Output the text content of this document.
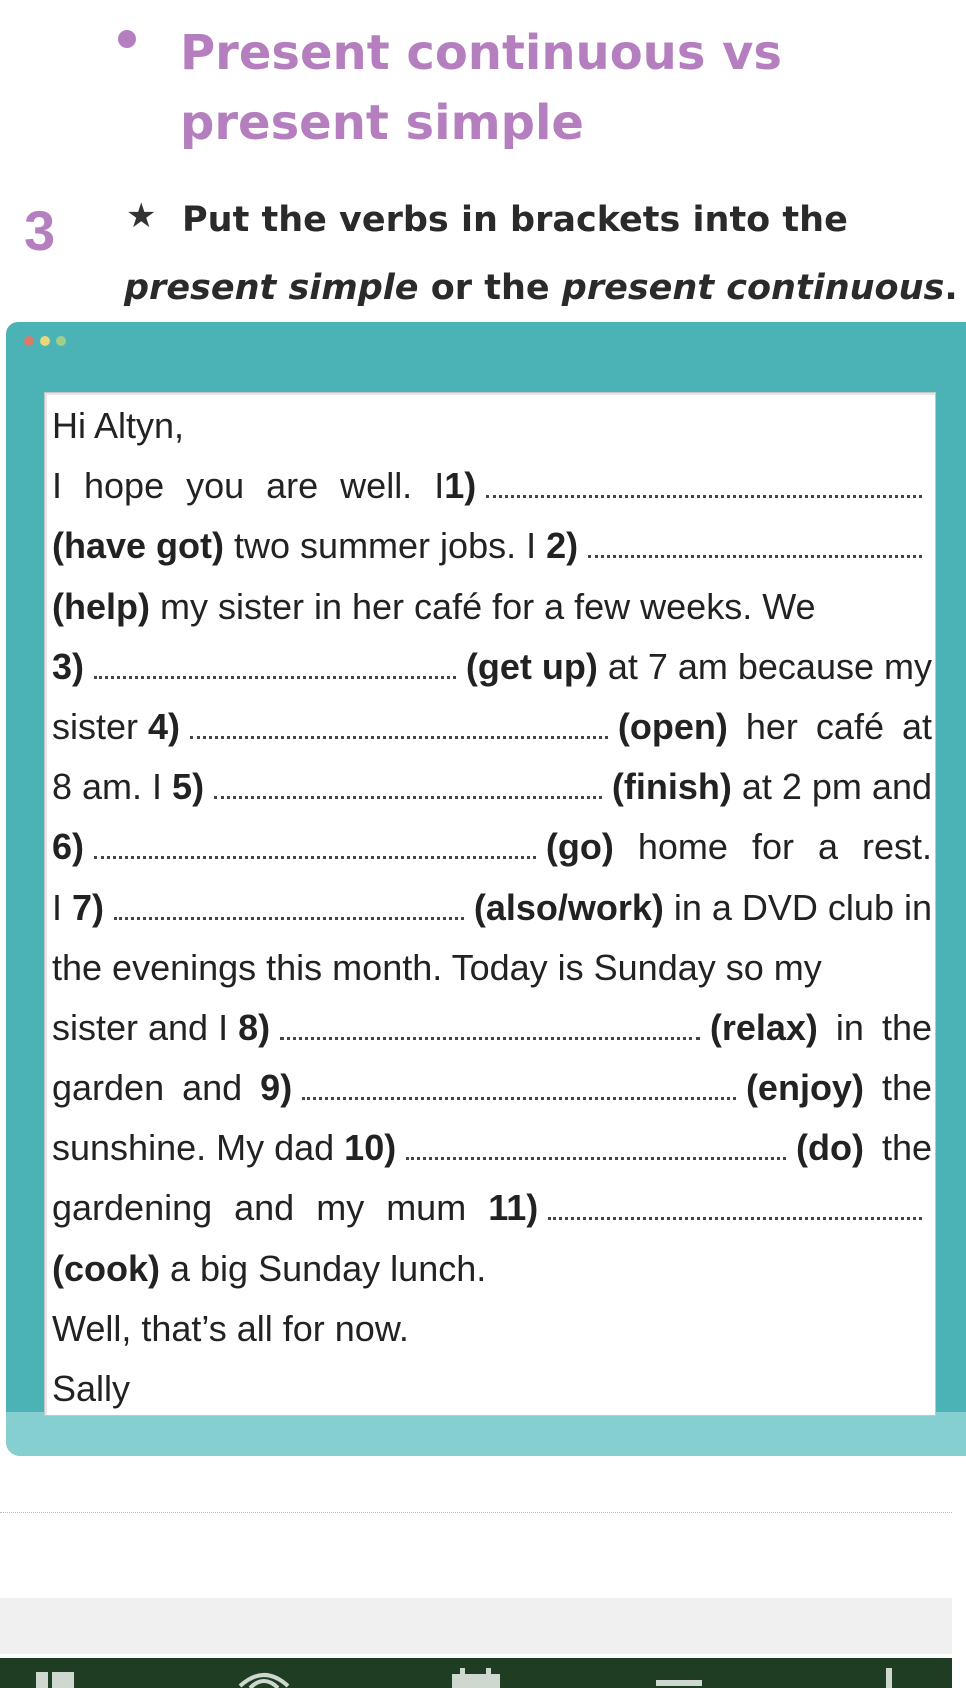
Present continuous vs
present simple
3 ★ Put the verbs in brackets into the
present simple or the present continuous.
Hi Altyn,
I hope you are well. I 1)
(have got) two summer jobs. I 2)
(help) my sister in her café for a few weeks. We
3)	(get up) at 7 am because my
sister 4)	(open) her café at
8 am. I 5)	(finish) at 2 pm and
6)	(go) home for a rest.
I 7)	(also/work) in a DVD club in
the evenings this month. Today is Sunday so my
sister and I 8)	(relax) in the
garden and 9)	(enjoy) the
sunshine. My dad 10)	(do) the
gardening and my mum 11)
(cook) a big Sunday lunch.
Well, that’s all for now.
Sally
